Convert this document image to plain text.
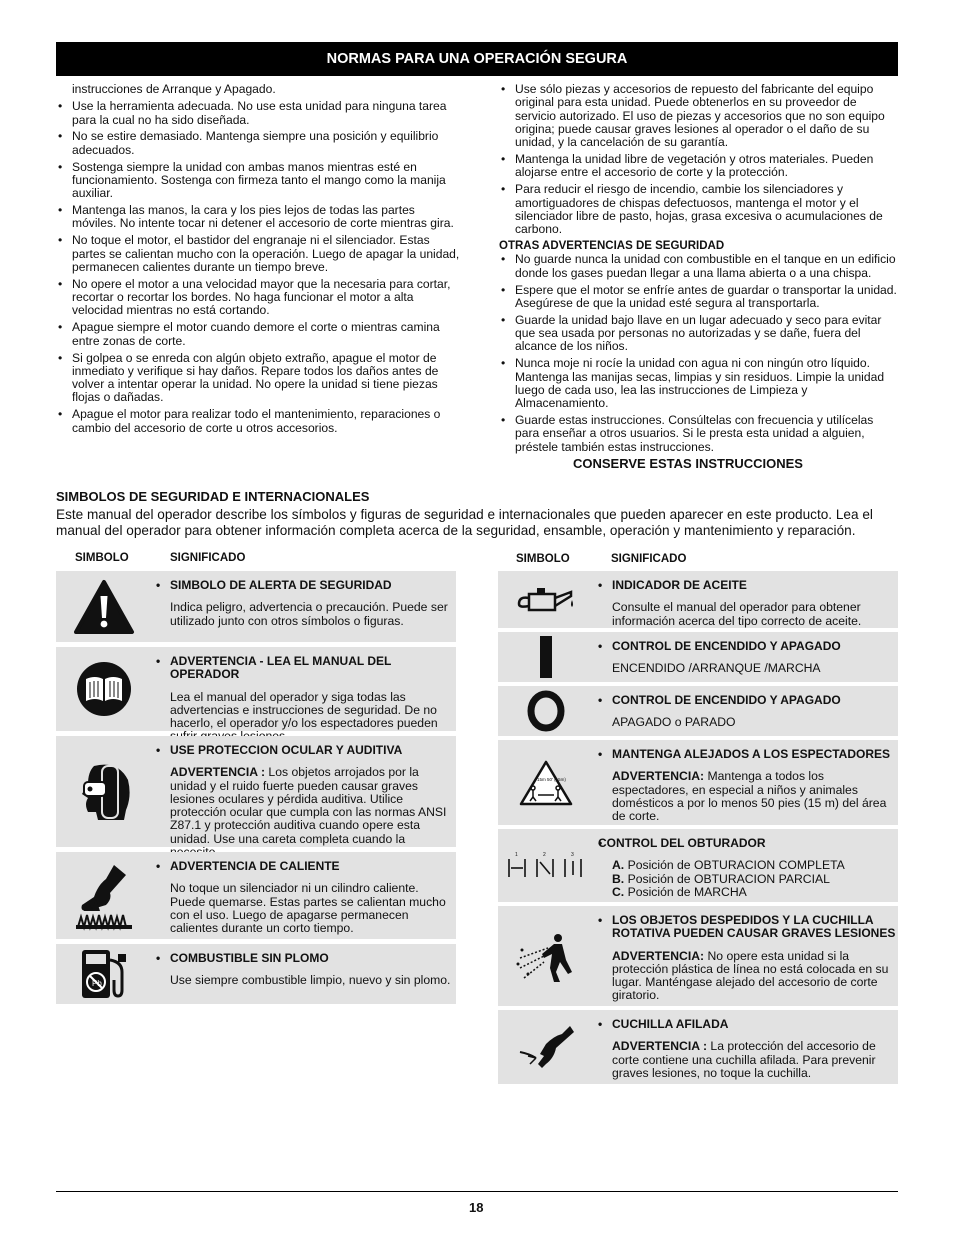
NORMAS PARA UNA OPERACIÓN SEGURA

instrucciones de Arranque y Apagado.

• Use la herramienta adecuada. No use esta unidad para ninguna tarea para la cual no ha sido diseñada.
• No se estire demasiado. Mantenga siempre una posición y equilibrio adecuados.
• Sostenga siempre la unidad con ambas manos mientras esté en funcionamiento. Sostenga con firmeza tanto el mango como la manija auxiliar.
• Mantenga las manos, la cara y los pies lejos de todas las partes móviles. No intente tocar ni detener el accesorio de corte mientras gira.
• No toque el motor, el bastidor del engranaje ni el silenciador. Estas partes se calientan mucho con la operación. Luego de apagar la unidad, permanecen calientes durante un tiempo breve.
• No opere el motor a una velocidad mayor que la necesaria para cortar, recortar o recortar los bordes. No haga funcionar el motor a alta velocidad mientras no está cortando.
• Apague siempre el motor cuando demore el corte o mientras camina entre zonas de corte.
• Si golpea o se enreda con algún objeto extraño, apague el motor de inmediato y verifique si hay daños. Repare todos los daños antes de volver a intentar operar la unidad. No opere la unidad si tiene piezas flojas o dañadas.
• Apague el motor para realizar todo el mantenimiento, reparaciones o cambio del accesorio de corte u otros accesorios.
• Use sólo piezas y accesorios de repuesto del fabricante del equipo original para esta unidad. Puede obtenerlos en su proveedor de servicio autorizado. El uso de piezas y accesorios que no son equipo origina; puede causar graves lesiones al operador o el daño de su unidad, y la cancelación de su garantía.
• Mantenga la unidad libre de vegetación y otros materiales. Pueden alojarse entre el accesorio de corte y la protección.
• Para reducir el riesgo de incendio, cambie los silenciadores y amortiguadores de chispas defectuosos, mantenga el motor y el silenciador libre de pasto, hojas, grasa excesiva o acumulaciones de carbono.

OTRAS ADVERTENCIAS DE SEGURIDAD

• No guarde nunca la unidad con combustible en el tanque en un edificio donde los gases puedan llegar a una llama abierta o a una chispa.
• Espere que el motor se enfríe antes de guardar o transportar la unidad. Asegúrese de que la unidad esté segura al transportarla.
• Guarde la unidad bajo llave en un lugar adecuado y seco para evitar que sea usada por personas no autorizadas y se dañe, fuera del alcance de los niños.
• Nunca moje ni rocíe la unidad con agua ni con ningún otro líquido. Mantenga las manijas secas, limpias y sin residuos. Limpie la unidad luego de cada uso, lea las instrucciones de Limpieza y Almacenamiento.
• Guarde estas instrucciones. Consúltelas con frecuencia y utilícelas para enseñar a otros usuarios. Si le presta esta unidad a alguien, préstele también estas instrucciones.
CONSERVE ESTAS INSTRUCCIONES
SIMBOLOS DE SEGURIDAD E INTERNACIONALES
Este manual del operador describe los símbolos y figuras de seguridad e internacionales que pueden aparecer en este producto. Lea el manual del operador para obtener información completa acerca de la seguridad, ensamble, operación y mantenimiento y reparación.
SIMBOLO	SIGNIFICADO	SIMBOLO	SIGNIFICADO
• SIMBOLO DE ALERTA DE SEGURIDAD
Indica peligro, advertencia o precaución. Puede ser utilizado junto con otros símbolos o figuras.
• ADVERTENCIA - LEA EL MANUAL DEL OPERADOR
Lea el manual del operador y siga todas las advertencias e instrucciones de seguridad. De no hacerlo, el operador y/o los espectadores pueden
• USE PROTECCION OCULAR Y AUDITIVA
ADVERTENCIA : Los objetos arrojados por la unidad y el ruido fuerte pueden causar graves lesiones oculares y pérdida auditiva. Utilice protección ocular que cumpla con las normas ANSI Z87.1 y protección auditiva cuando opere esta unidad. Use una careta completa cuando la
• ADVERTENCIA DE CALIENTE
No toque un silenciador ni un cilindro caliente. Puede quemarse. Estas partes se calientan mucho con el uso. Luego de apagarse permanecen calientes durante un corto tiempo.
Pb
• COMBUSTIBLE SIN PLOMO
Use siempre combustible limpio, nuevo y sin plomo.
• INDICADOR DE ACEITE
Consulte el manual del operador para obtener información acerca del tipo correcto de aceite.
• CONTROL DE ENCENDIDO Y APAGADO
ENCENDIDO /ARRANQUE /MARCHA
• CONTROL DE ENCENDIDO Y APAGADO
APAGADO o PARADO
15m 50' (15m)
• MANTENGA ALEJADOS A LOS ESPECTADORES
ADVERTENCIA: Mantenga a todos los espectadores, en especial a niños y animales domésticos a por lo menos 50 pies (15 m) del área de corte.
1	2	3
• CONTROL DEL OBTURADOR
A. Posición de OBTURACION COMPLETA
B. Posición de OBTURACION PARCIAL
C. Posición de MARCHA
• LOS OBJETOS DESPEDIDOS Y LA CUCHILLA ROTATIVA PUEDEN CAUSAR GRAVES LESIONES
ADVERTENCIA: No opere esta unidad si la protección plástica de línea no está colocada en su lugar. Manténgase alejado del accesorio de corte giratorio.
• CUCHILLA AFILADA
ADVERTENCIA : La protección del accesorio de corte contiene una cuchilla afilada. Para prevenir graves lesiones, no toque la cuchilla.
18
